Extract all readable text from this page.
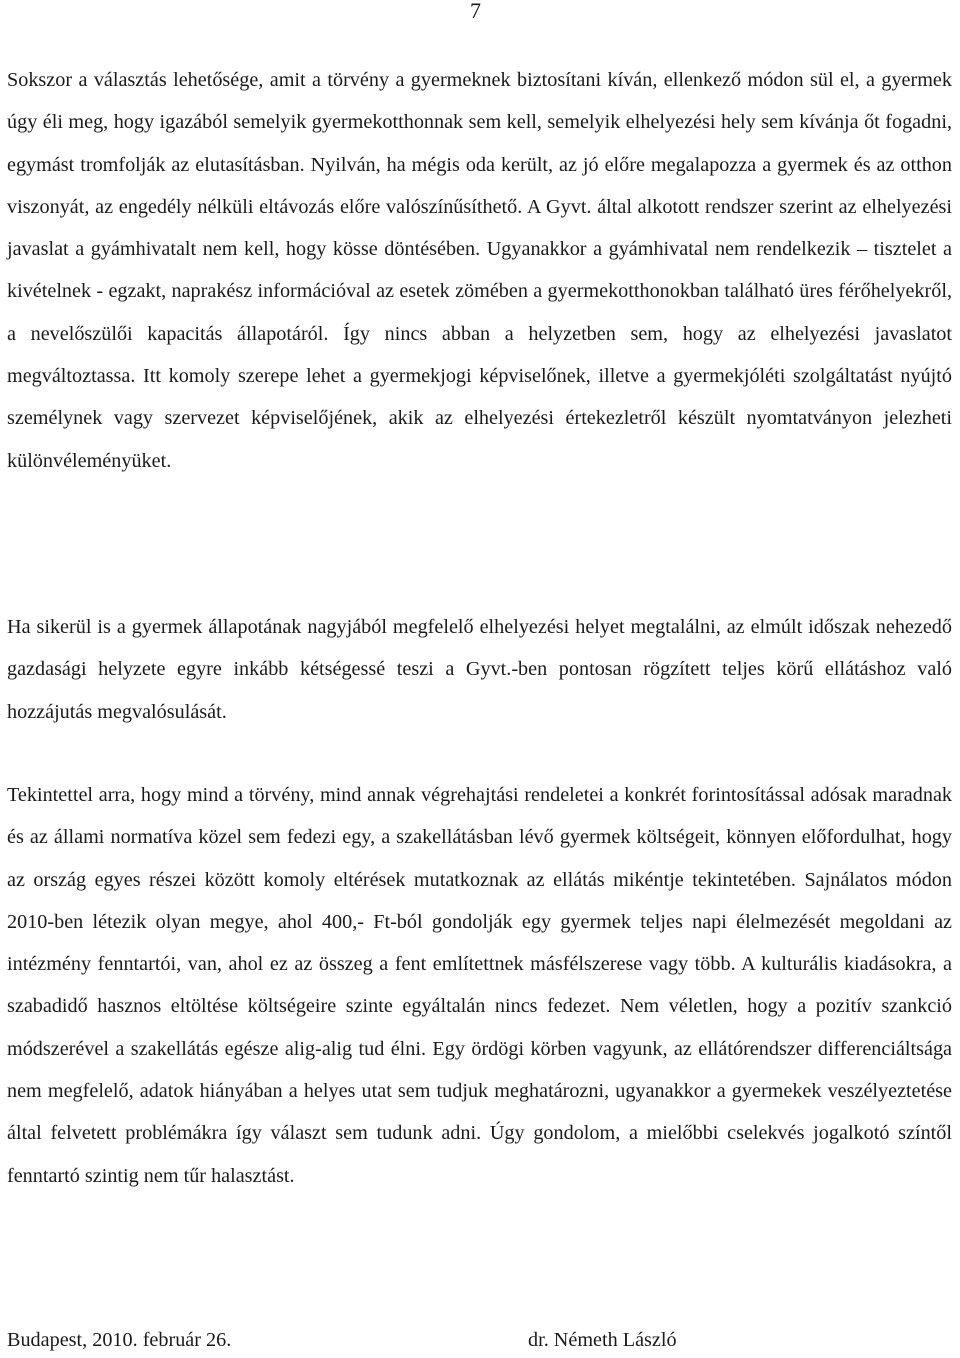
7

Sokszor a választás lehetősége, amit a törvény a gyermeknek biztosítani kíván, ellenkező módon sül el, a gyermek úgy éli meg, hogy igazából semelyik gyermekotthonnak sem kell, semelyik elhelyezési hely sem kívánja őt fogadni, egymást tromfolják az elutasításban. Nyilván, ha mégis oda került, az jó előre megalapozza a gyermek és az otthon viszonyát, az engedély nélküli eltávozás előre valószínűsíthető. A Gyvt. által alkotott rendszer szerint az elhelyezési javaslat a gyámhivatalt nem kell, hogy kösse döntésében. Ugyanakkor a gyámhivatal nem rendelkezik – tisztelet a kivételnek - egzakt, naprakész információval az esetek zömében a gyermekotthonokban található üres férőhelyekről, a nevelőszülői kapacitás állapotáról. Így nincs abban a helyzetben sem, hogy az elhelyezési javaslatot megváltoztassa. Itt komoly szerepe lehet a gyermekjogi képviselőnek, illetve a gyermekjóléti szolgáltatást nyújtó személynek vagy szervezet képviselőjének, akik az elhelyezési értekezletről készült nyomtatványon jelezheti különvéleményüket.

Ha sikerül is a gyermek állapotának nagyjából megfelelő elhelyezési helyet megtalálni, az elmúlt időszak nehezedő gazdasági helyzete egyre inkább kétségessé teszi a Gyvt.-ben pontosan rögzített teljes körű ellátáshoz való hozzájutás megvalósulását.

Tekintettel arra, hogy mind a törvény, mind annak végrehajtási rendeletei a konkrét forintosítással adósak maradnak és az állami normatíva közel sem fedezi egy, a szakellátásban lévő gyermek költségeit, könnyen előfordulhat, hogy az ország egyes részei között komoly eltérések mutatkoznak az ellátás mikéntje tekintetében. Sajnálatos módon 2010-ben létezik olyan megye, ahol 400,- Ft-ból gondolják egy gyermek teljes napi élelmezését megoldani az intézmény fenntartói, van, ahol ez az összeg a fent említettnek másfélszerese vagy több. A kulturális kiadásokra, a szabadidő hasznos eltöltése költségeire szinte egyáltalán nincs fedezet. Nem véletlen, hogy a pozitív szankció módszerével a szakellátás egésze alig-alig tud élni. Egy ördögi körben vagyunk, az ellátórendszer differenciáltsága nem megfelelő, adatok hiányában a helyes utat sem tudjuk meghatározni, ugyanakkor a gyermekek veszélyeztetése által felvetett problémákra így választ sem tudunk adni. Úgy gondolom, a mielőbbi cselekvés jogalkotó színtől fenntartó szintig nem tűr halasztást.

Budapest, 2010. február 26.	dr. Németh László
